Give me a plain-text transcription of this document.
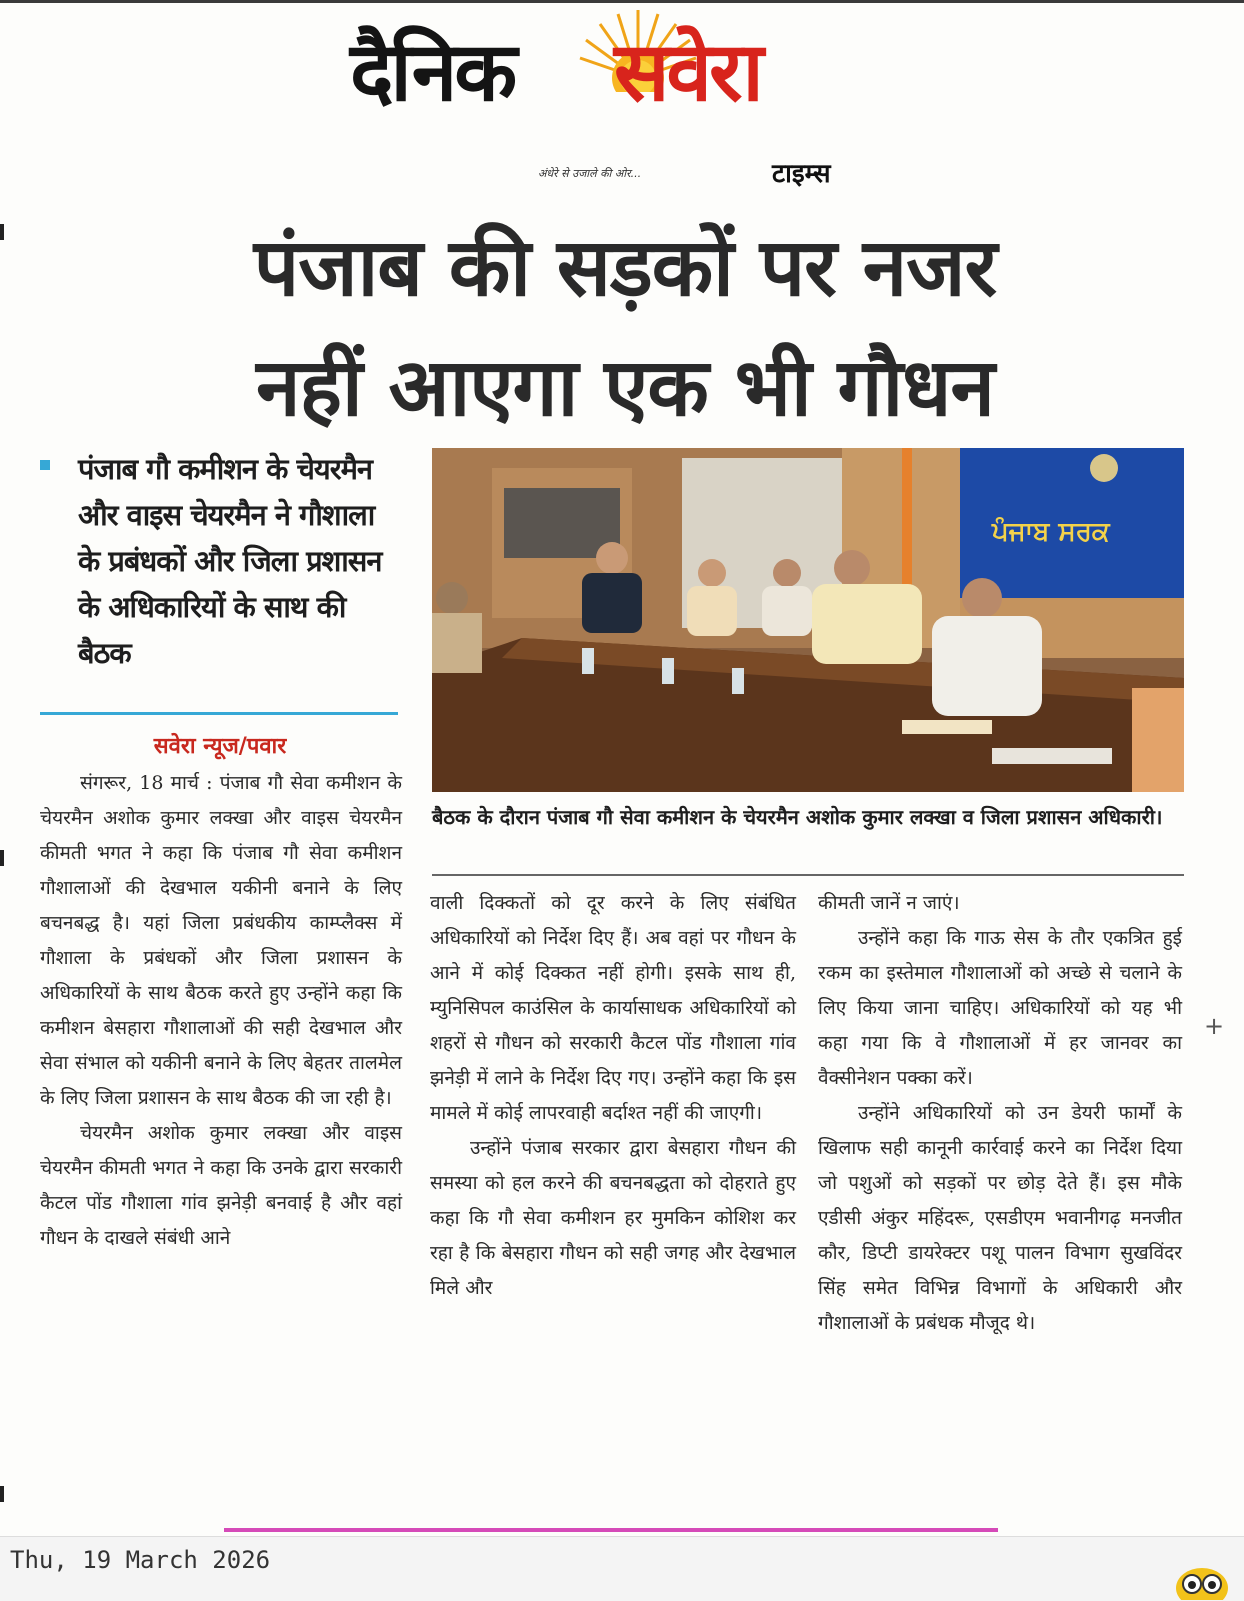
दैनिक सवेरा
अंधेरे से उजाले की ओर...	टाइम्स
पंजाब की सड़कों पर नजर
नहीं आएगा एक भी गौधन
पंजाब गौ कमीशन के चेयरमैन और वाइस चेयरमैन ने गौशाला के प्रबंधकों और जिला प्रशासन के अधिकारियों के साथ की बैठक
सवेरा न्यूज/पवार
ਪੰਜਾਬ ਸਰਕ
बैठक के दौरान पंजाब गौ सेवा कमीशन के चेयरमैन अशोक कुमार लक्खा व जिला प्रशासन अधिकारी।

संगरूर, 18 मार्च : पंजाब गौ सेवा कमीशन के चेयरमैन अशोक कुमार लक्खा और वाइस चेयरमैन कीमती भगत ने कहा कि पंजाब गौ सेवा कमीशन गौशालाओं की देखभाल यकीनी बनाने के लिए बचनबद्ध है। यहां जिला प्रबंधकीय काम्प्लैक्स में गौशाला के प्रबंधकों और जिला प्रशासन के अधिकारियों के साथ बैठक करते हुए उन्होंने कहा कि कमीशन बेसहारा गौशालाओं की सही देखभाल और सेवा संभाल को यकीनी बनाने के लिए बेहतर तालमेल के लिए जिला प्रशासन के साथ बैठक की जा रही है।

चेयरमैन अशोक कुमार लक्खा और वाइस चेयरमैन कीमती भगत ने कहा कि उनके द्वारा सरकारी कैटल पोंड गौशाला गांव झनेड़ी बनवाई है और वहां गौधन के दाखले संबंधी आने

वाली दिक्कतों को दूर करने के लिए संबंधित अधिकारियों को निर्देश दिए हैं। अब वहां पर गौधन के आने में कोई दिक्कत नहीं होगी। इसके साथ ही, म्युनिसिपल काउंसिल के कार्यासाधक अधिकारियों को शहरों से गौधन को सरकारी कैटल पोंड गौशाला गांव झनेड़ी में लाने के निर्देश दिए गए। उन्होंने कहा कि इस मामले में कोई लापरवाही बर्दाश्त नहीं की जाएगी।

उन्होंने पंजाब सरकार द्वारा बेसहारा गौधन की समस्या को हल करने की बचनबद्धता को दोहराते हुए कहा कि गौ सेवा कमीशन हर मुमकिन कोशिश कर रहा है कि बेसहारा गौधन को सही जगह और देखभाल मिले और

कीमती जानें न जाएं।

उन्होंने कहा कि गाऊ सेस के तौर एकत्रित हुई रकम का इस्तेमाल गौशालाओं को अच्छे से चलाने के लिए किया जाना चाहिए। अधिकारियों को यह भी कहा गया कि वे गौशालाओं में हर जानवर का वैक्सीनेशन पक्का करें।

उन्होंने अधिकारियों को उन डेयरी फार्मों के खिलाफ सही कानूनी कार्रवाई करने का निर्देश दिया जो पशुओं को सड़कों पर छोड़ देते हैं। इस मौके एडीसी अंकुर महिंदरू, एसडीएम भवानीगढ़ मनजीत कौर, डिप्टी डायरेक्टर पशू पालन विभाग सुखविंदर सिंह समेत विभिन्न विभागों के अधिकारी और गौशालाओं के प्रबंधक मौजूद थे।

+
Thu, 19 March 2026
